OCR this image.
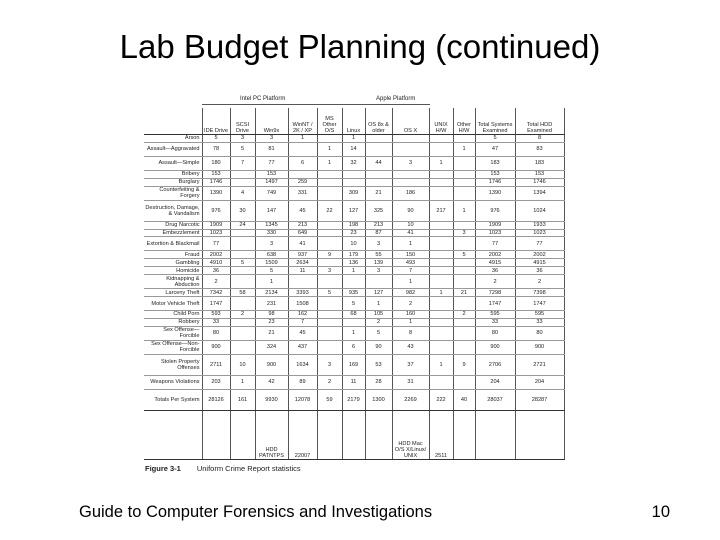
Lab Budget Planning (continued)
Intel PC Platform	Apple Platform
	IDE Drive	SCSI Drive	Win9x	WinNT / 2K / XP	MS Other O/S	Linux	OS 8x & older	OS X	UNIX H/W	Other H/W	Total Systems Examined	Total HDD Examined
Arson	5	3	3	1		1					5	8
Assault—Aggravated	78	5	81		1	14				1	47	83
Assault—Simple	180	7	77	6	1	32	44	3	1		183	183
Bribery	153		153								153	153
Burglary	1746		1497	259							1746	1746
Counterfeiting & Forgery	1390	4	749	331		309	21	186			1390	1394
Destruction, Damage, & Vandalism	976	30	147	45	22	127	325	90	217	1	976	1024
Drug Narcotic	1909	24	1345	213		198	213	10			1909	1933
Embezzlement	1023		330	649		23	87	41		3	1023	1023
Extortion & Blackmail	77		3	41		10	3	1			77	77
Fraud	2002		638	937	9	179	55	150		5	2002	2002
Gambling	4910	5	1509	2634		136	139	493			4915	4915
Homicide	36		5	11	3	1	3	7			36	36
Kidnapping & Abduction	2		1					1			2	2
Larceny Theft	7342	58	2134	3393	5	935	127	982	1	21	7298	7398
Motor Vehicle Theft	1747		231	1508		5	1	2			1747	1747
Child Porn	593	2	98	162		68	105	160		2	595	595
Robbery	33		23	7			2	1			33	33
Sex Offense—Forcible	80		21	45		1	5	8			80	80
Sex Offense—Non-Forcible	900		324	437		6	90	43			900	900
Stolen Property Offenses	2711	10	900	1634	3	169	53	37	1	9	2706	2721
Weapons Violations	203	1	42	89	2	11	28	31			204	204
Totals Per System	28126	161	9930	12078	59	2179	1300	2269	222	40	28037	28287
			HDD PATNTPS	22007				HDD Mac O/S X/Linux/ UNIX	2511			
Figure 3-1 Uniform Crime Report statistics
Guide to Computer Forensics and Investigations	10
